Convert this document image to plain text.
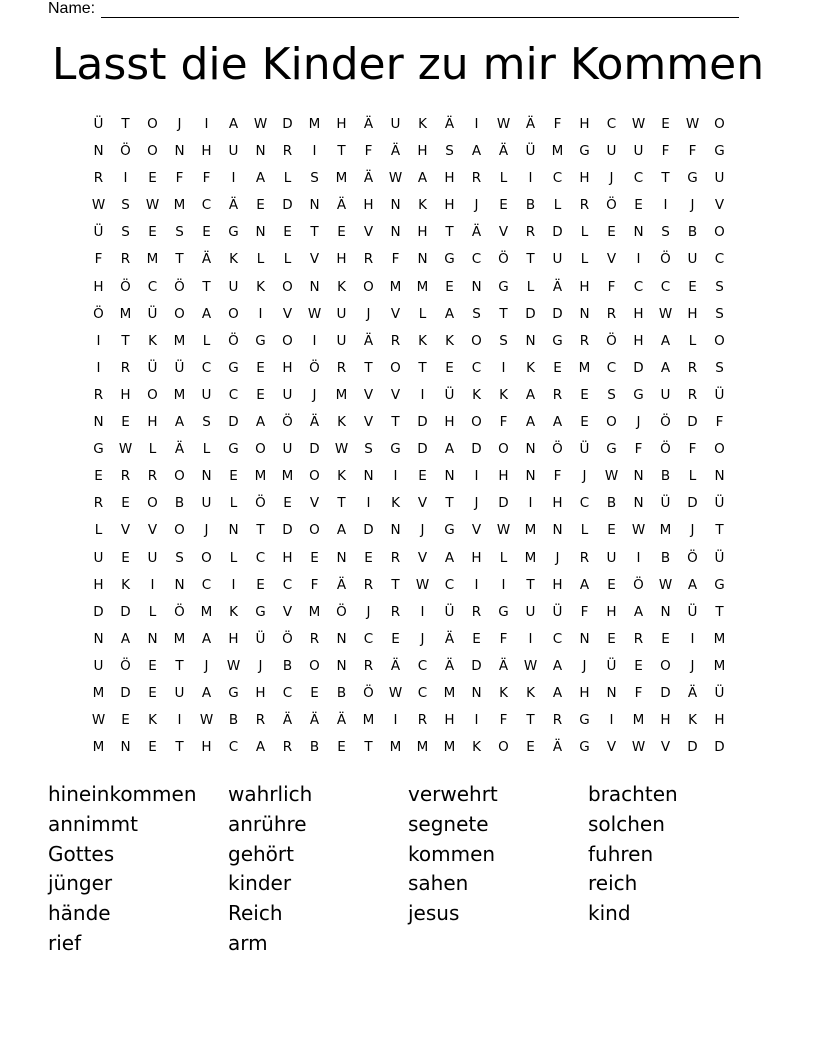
Name:
Lasst die Kinder zu mir Kommen
Ü	T	O	J	I	A	W	D	M	H	Ä	U	K	Ä	I	W	Ä	F	H	C	W	E	W	O
N	Ö	O	N	H	U	N	R	I	T	F	Ä	H	S	A	Ä	Ü	M	G	U	U	F	F	G
R	I	E	F	F	I	A	L	S	M	Ä	W	A	H	R	L	I	C	H	J	C	T	G	U
W	S	W	M	C	Ä	E	D	N	Ä	H	N	K	H	J	E	B	L	R	Ö	E	I	J	V
Ü	S	E	S	E	G	N	E	T	E	V	N	H	T	Ä	V	R	D	L	E	N	S	B	O
F	R	M	T	Ä	K	L	L	V	H	R	F	N	G	C	Ö	T	U	L	V	I	Ö	U	C
H	Ö	C	Ö	T	U	K	O	N	K	O	M	M	E	N	G	L	Ä	H	F	C	C	E	S
Ö	M	Ü	O	A	O	I	V	W	U	J	V	L	A	S	T	D	D	N	R	H	W	H	S
I	T	K	M	L	Ö	G	O	I	U	Ä	R	K	K	O	S	N	G	R	Ö	H	A	L	O
I	R	Ü	Ü	C	G	E	H	Ö	R	T	O	T	E	C	I	K	E	M	C	D	A	R	S
R	H	O	M	U	C	E	U	J	M	V	V	I	Ü	K	K	A	R	E	S	G	U	R	Ü
N	E	H	A	S	D	A	Ö	Ä	K	V	T	D	H	O	F	A	A	E	O	J	Ö	D	F
G	W	L	Ä	L	G	O	U	D	W	S	G	D	A	D	O	N	Ö	Ü	G	F	Ö	F	O
E	R	R	O	N	E	M	M	O	K	N	I	E	N	I	H	N	F	J	W	N	B	L	N
R	E	O	B	U	L	Ö	E	V	T	I	K	V	T	J	D	I	H	C	B	N	Ü	D	Ü
L	V	V	O	J	N	T	D	O	A	D	N	J	G	V	W	M	N	L	E	W	M	J	T
U	E	U	S	O	L	C	H	E	N	E	R	V	A	H	L	M	J	R	U	I	B	Ö	Ü
H	K	I	N	C	I	E	C	F	Ä	R	T	W	C	I	I	T	H	A	E	Ö	W	A	G
D	D	L	Ö	M	K	G	V	M	Ö	J	R	I	Ü	R	G	U	Ü	F	H	A	N	Ü	T
N	A	N	M	A	H	Ü	Ö	R	N	C	E	J	Ä	E	F	I	C	N	E	R	E	I	M
U	Ö	E	T	J	W	J	B	O	N	R	Ä	C	Ä	D	Ä	W	A	J	Ü	E	O	J	M
M	D	E	U	A	G	H	C	E	B	Ö	W	C	M	N	K	K	A	H	N	F	D	Ä	Ü
W	E	K	I	W	B	R	Ä	Ä	Ä	M	I	R	H	I	F	T	R	G	I	M	H	K	H
M	N	E	T	H	C	A	R	B	E	T	M	M	M	K	O	E	Ä	G	V	W	V	D	D
hineinkommen
annimmt
Gottes
jünger
hände
rief
wahrlich
anrühre
gehört
kinder
Reich
arm
verwehrt
segnete
kommen
sahen
jesus
brachten
solchen
fuhren
reich
kind
